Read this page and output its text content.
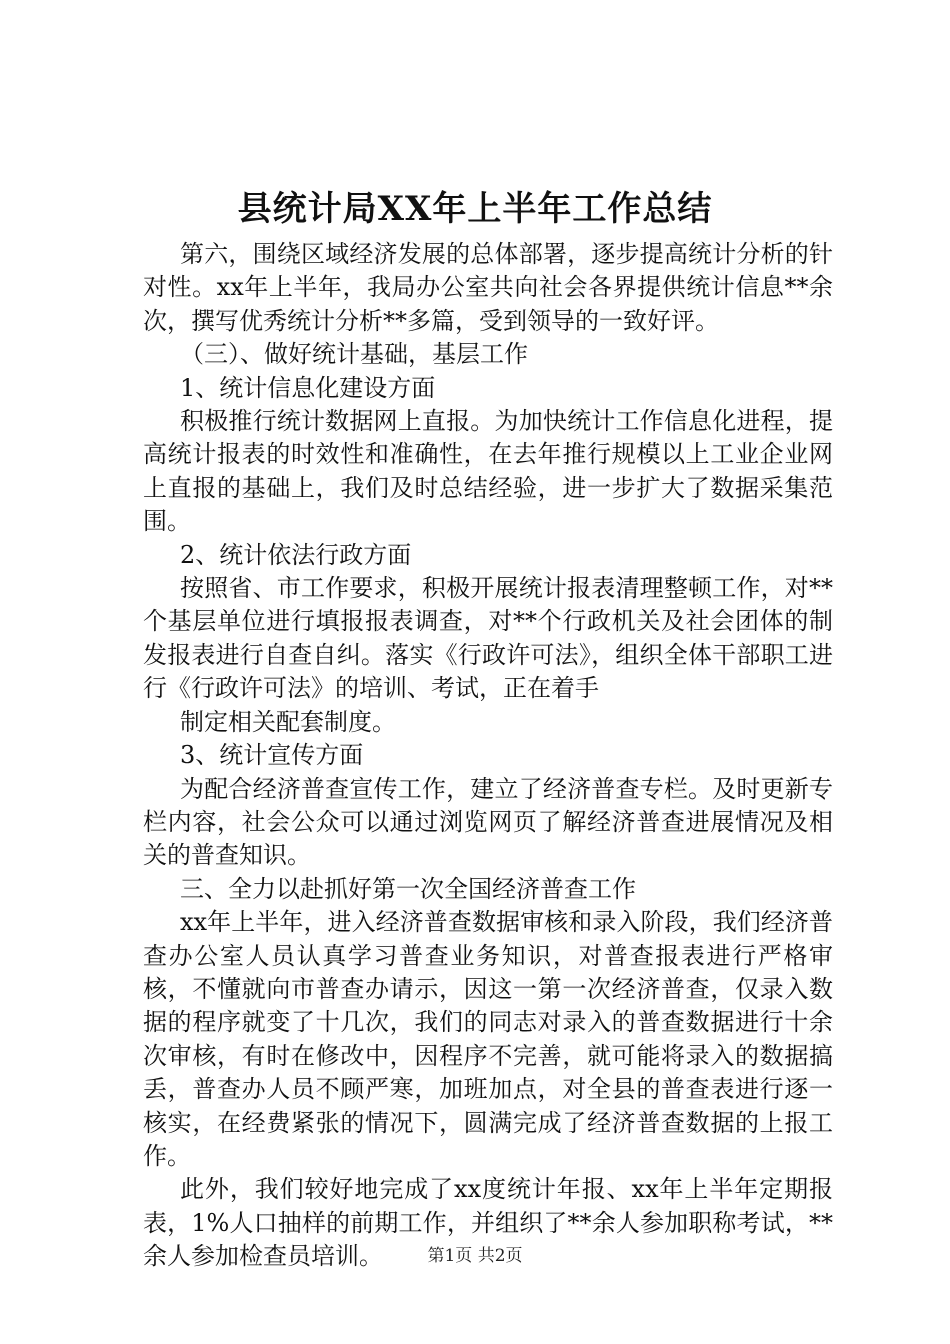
县统计局XX年上半年工作总结

第六，围绕区域经济发展的总体部署，逐步提高统计分析的针对性。xx年上半年，我局办公室共向社会各界提供统计信息**余次，撰写优秀统计分析**多篇，受到领导的一致好评。

（三）、做好统计基础，基层工作

1、统计信息化建设方面

积极推行统计数据网上直报。为加快统计工作信息化进程，提高统计报表的时效性和准确性，在去年推行规模以上工业企业网上直报的基础上，我们及时总结经验，进一步扩大了数据采集范围。

2、统计依法行政方面

按照省、市工作要求，积极开展统计报表清理整顿工作，对**个基层单位进行填报报表调查，对**个行政机关及社会团体的制发报表进行自查自纠。落实《行政许可法》，组织全体干部职工进行《行政许可法》的培训、考试，正在着手

制定相关配套制度。

3、统计宣传方面

为配合经济普查宣传工作，建立了经济普查专栏。及时更新专栏内容，社会公众可以通过浏览网页了解经济普查进展情况及相关的普查知识。

三、全力以赴抓好第一次全国经济普查工作

xx年上半年，进入经济普查数据审核和录入阶段，我们经济普查办公室人员认真学习普查业务知识，对普查报表进行严格审核，不懂就向市普查办请示，因这一第一次经济普查，仅录入数据的程序就变了十几次，我们的同志对录入的普查数据进行十余次审核，有时在修改中，因程序不完善，就可能将录入的数据搞丢，普查办人员不顾严寒，加班加点，对全县的普查表进行逐一核实，在经费紧张的情况下，圆满完成了经济普查数据的上报工作。

此外，我们较好地完成了xx度统计年报、xx年上半年定期报表，1%人口抽样的前期工作，并组织了**余人参加职称考试，**余人参加检查员培训。	第1页 共2页
